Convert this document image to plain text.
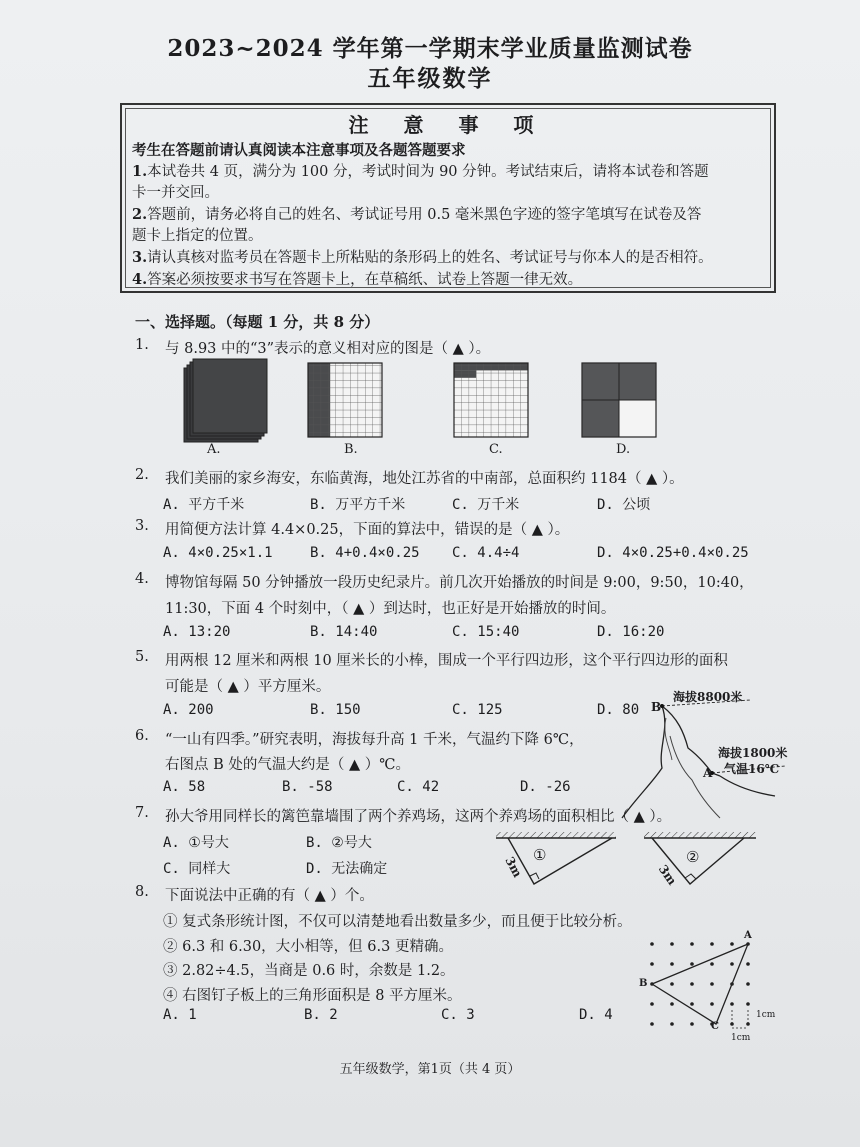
2023~2024 学年第一学期末学业质量监测试卷
五年级数学
注 意 事 项
考生在答题前请认真阅读本注意事项及各题答题要求
1.本试卷共 4 页，满分为 100 分，考试时间为 90 分钟。考试结束后，请将本试卷和答题
卡一并交回。
2.答题前，请务必将自己的姓名、考试证号用 0.5 毫米黑色字迹的签字笔填写在试卷及答
题卡上指定的位置。
3.请认真核对监考员在答题卡上所粘贴的条形码上的姓名、考试证号与你本人的是否相符。
4.答案必须按要求书写在答题卡上，在草稿纸、试卷上答题一律无效。
一、选择题。（每题 1 分，共 8 分）
1. 与 8.93 中的“3”表示的意义相对应的图是（ ▲ ）。
A.	B.	C.	D.
2. 我们美丽的家乡海安，东临黄海，地处江苏省的中南部，总面积约 1184（ ▲ ）。
A. 平方千米	B. 万平方千米	C. 万千米	D. 公顷
3. 用简便方法计算 4.4×0.25，下面的算法中，错误的是（ ▲ ）。
A. 4×0.25×1.1	B. 4+0.4×0.25 C. 4.4÷4	D. 4×0.25+0.4×0.25
4. 博物馆每隔 50 分钟播放一段历史纪录片。前几次开始播放的时间是 9:00，9:50，10:40，
11:30，下面 4 个时刻中，（ ▲ ）到达时，也正好是开始播放的时间。
A. 13:20	B. 14:40	C. 15:40	D. 16:20
5. 用两根 12 厘米和两根 10 厘米长的小棒，围成一个平行四边形，这个平行四边形的面积
可能是（ ▲ ）平方厘米。
A. 200	B. 150	C. 125	D. 80
海拔8800米
B
A
海拔1800米
气温16℃
6. “一山有四季。”研究表明，海拔每升高 1 千米，气温约下降 6℃，
右图点 B 处的气温大约是（ ▲ ）℃。
A. 58	B. -58	C. 42	D. -26
7. 孙大爷用同样长的篱笆靠墙围了两个养鸡场，这两个养鸡场的面积相比（ ▲ ）。
A. ①号大	B. ②号大
C. 同样大	D. 无法确定
①	②
3m	3m
8. 下面说法中正确的有（ ▲ ）个。
① 复式条形统计图，不仅可以清楚地看出数量多少，而且便于比较分析。
② 6.3 和 6.30，大小相等，但 6.3 更精确。
③ 2.82÷4.5，当商是 0.6 时，余数是 1.2。
④ 右图钉子板上的三角形面积是 8 平方厘米。
A. 1	B. 2	C. 3	D. 4
A
B
C
1cm
1cm
五年级数学，第1页（共 4 页）
